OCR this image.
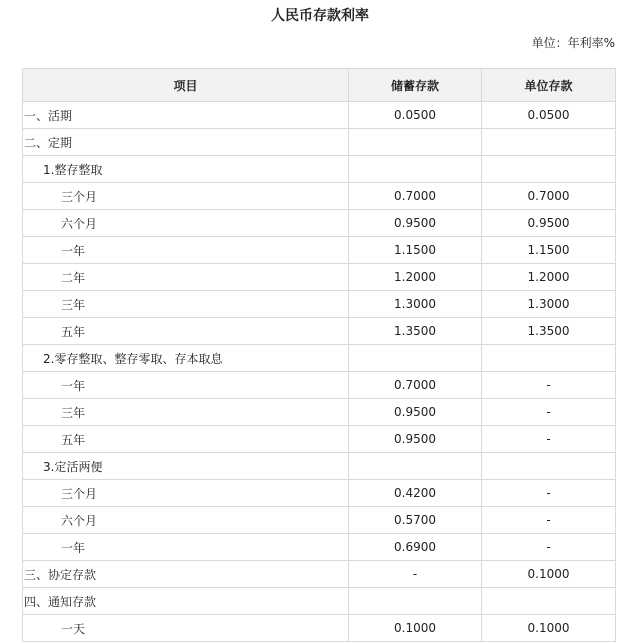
人民币存款利率
单位：年利率%
项目	储蓄存款	单位存款
一、活期	0.0500	0.0500
二、定期		
1.整存整取		
三个月	0.7000	0.7000
六个月	0.9500	0.9500
一年	1.1500	1.1500
二年	1.2000	1.2000
三年	1.3000	1.3000
五年	1.3500	1.3500
2.零存整取、整存零取、存本取息		
一年	0.7000	-
三年	0.9500	-
五年	0.9500	-
3.定活两便		
三个月	0.4200	-
六个月	0.5700	-
一年	0.6900	-
三、协定存款	-	0.1000
四、通知存款		
一天	0.1000	0.1000
